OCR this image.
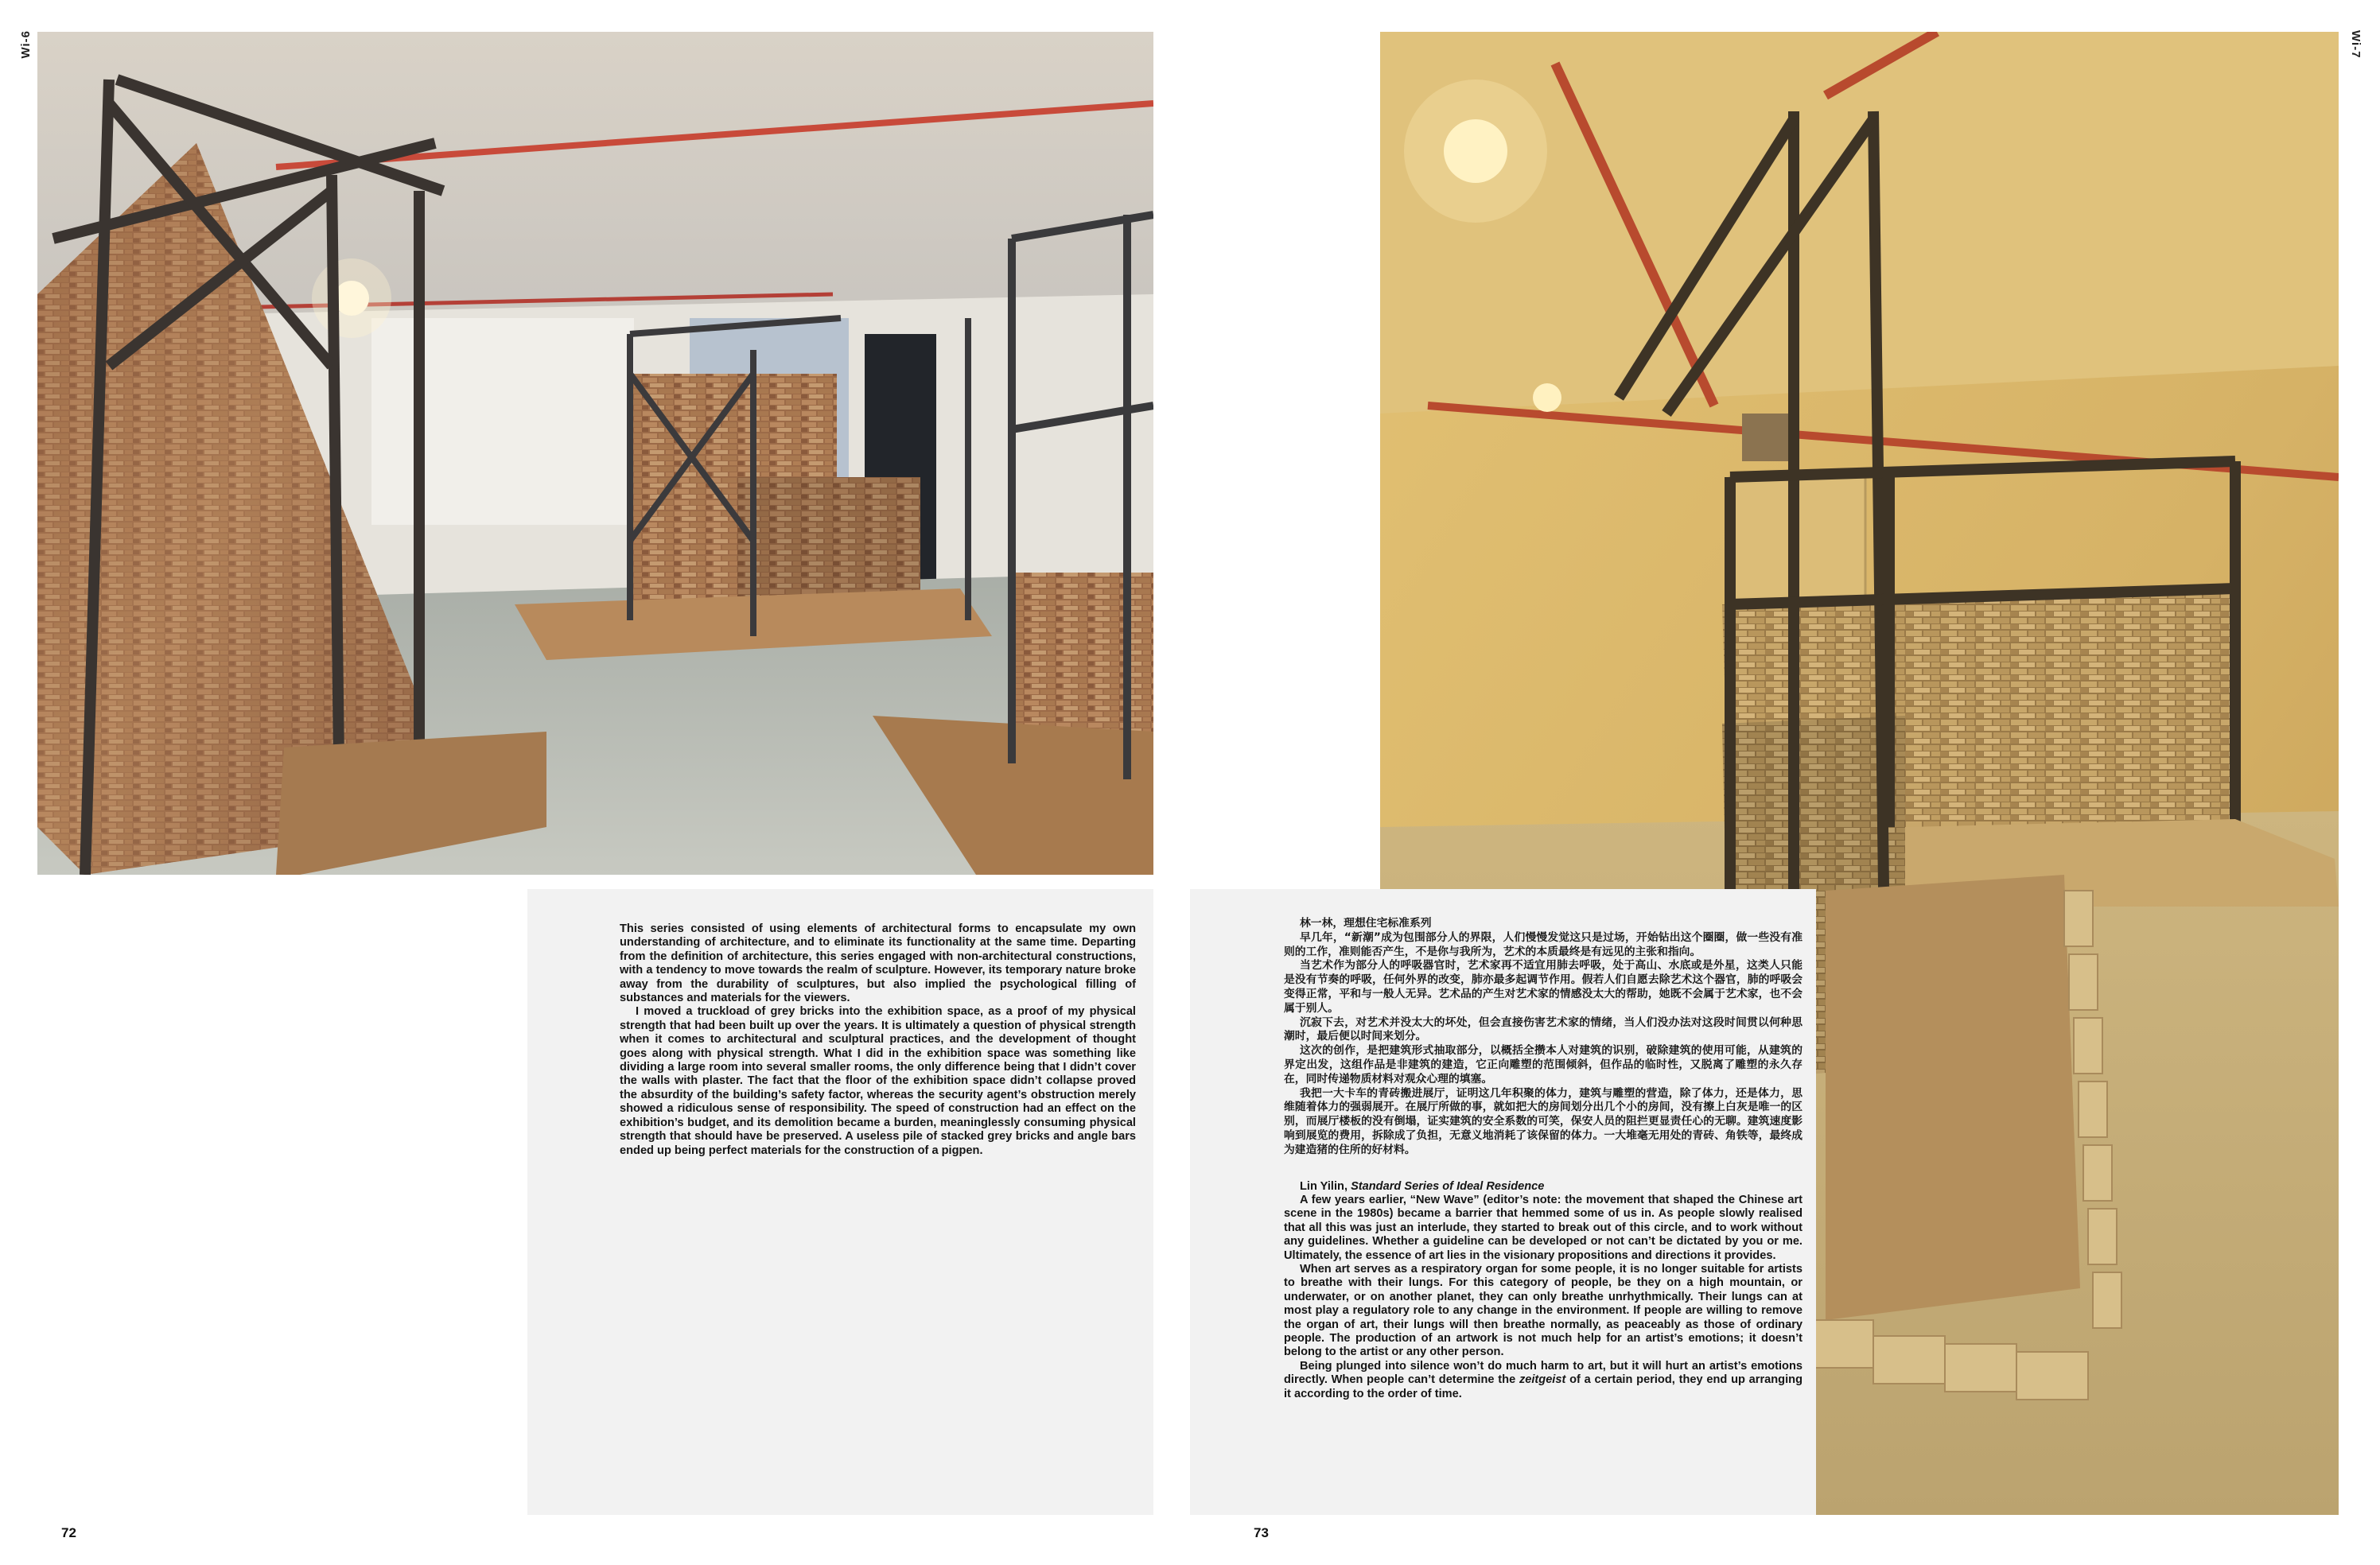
Wi-6

This series consisted of using elements of architectural forms to encapsulate my own understanding of architecture, and to eliminate its functionality at the same time. Departing from the definition of architecture, this series engaged with non-architectural constructions, with a tendency to move towards the realm of sculpture. However, its temporary nature broke away from the durability of sculptures, but also implied the psychological filling of substances and materials for the viewers.

I moved a truckload of grey bricks into the exhibition space, as a proof of my physical strength that had been built up over the years. It is ultimately a question of physical strength when it comes to architectural and sculptural practices, and the development of thought goes along with physical strength. What I did in the exhibition space was something like dividing a large room into several smaller rooms, the only difference being that I didn’t cover the walls with plaster. The fact that the floor of the exhibition space didn’t collapse proved the absurdity of the building’s safety factor, whereas the security agent’s obstruction merely showed a ridiculous sense of responsibility. The speed of construction had an effect on the exhibition’s budget, and its demolition became a burden, meaninglessly consuming physical strength that should have be preserved. A useless pile of stacked grey bricks and angle bars ended up being perfect materials for the construction of a pigpen.

72
Wi-7

林一林，理想住宅标准系列

早几年，“新潮”成为包围部分人的界限，人们慢慢发觉这只是过场，开始钻出这个圈圈，做一些没有准则的工作，准则能否产生，不是你与我所为，艺术的本质最终是有远见的主张和指向。

当艺术作为部分人的呼吸器官时，艺术家再不适宜用肺去呼吸，处于高山、水底或是外星，这类人只能是没有节奏的呼吸，任何外界的改变，肺亦最多起调节作用。假若人们自愿去除艺术这个器官，肺的呼吸会变得正常，平和与一般人无异。艺术品的产生对艺术家的情感没太大的帮助，她既不会属于艺术家，也不会属于别人。

沉寂下去，对艺术并没太大的坏处，但会直接伤害艺术家的情绪，当人们没办法对这段时间贯以何种思潮时，最后便以时间来划分。

这次的创作，是把建筑形式抽取部分，以概括全攒本人对建筑的识别，破除建筑的使用可能，从建筑的界定出发，这组作品是非建筑的建造，它正向雕塑的范围倾斜，但作品的临时性，又脱离了雕塑的永久存在，同时传递物质材料对观众心理的填塞。

我把一大卡车的青砖搬进展厅，证明这几年积聚的体力，建筑与雕塑的营造，除了体力，还是体力，思维随着体力的强弱展开。在展厅所做的事，就如把大的房间划分出几个小的房间，没有擦上白灰是唯一的区别，而展厅楼板的没有倒塌，证实建筑的安全系数的可笑，保安人员的阻拦更显责任心的无聊。建筑速度影响到展览的费用，拆除成了负担，无意义地消耗了该保留的体力。一大堆毫无用处的青砖、角铁等，最终成为建造猪的住所的好材料。

Lin Yilin, Standard Series of Ideal Residence

A few years earlier, “New Wave” (editor’s note: the movement that shaped the Chinese art scene in the 1980s) became a barrier that hemmed some of us in. As people slowly realised that all this was just an interlude, they started to break out of this circle, and to work without any guidelines. Whether a guideline can be developed or not can’t be dictated by you or me. Ultimately, the essence of art lies in the visionary propositions and directions it provides.

When art serves as a respiratory organ for some people, it is no longer suitable for artists to breathe with their lungs. For this category of people, be they on a high mountain, or underwater, or on another planet, they can only breathe unrhythmically. Their lungs can at most play a regulatory role to any change in the environment. If people are willing to remove the organ of art, their lungs will then breathe normally, as peaceably as those of ordinary people. The production of an artwork is not much help for an artist’s emotions; it doesn’t belong to the artist or any other person.

Being plunged into silence won’t do much harm to art, but it will hurt an artist’s emotions directly. When people can’t determine the zeitgeist of a certain period, they end up arranging it according to the order of time.

73
